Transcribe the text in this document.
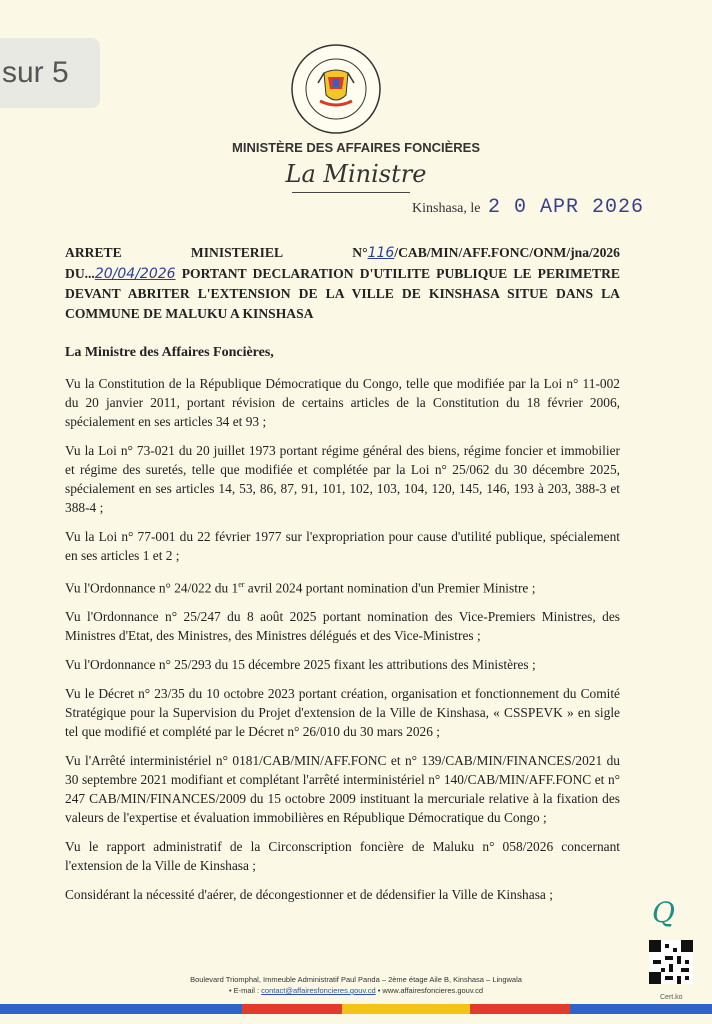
sur 5
MINISTÈRE DES AFFAIRES FONCIÈRES
La Ministre
Kinshasa, le 2 0 APR 2026
ARRETE	MINISTERIEL	N°116/CAB/MIN/AFF.FONC/ONM/jna/2026
DU...20/04/2026 PORTANT DECLARATION D'UTILITE PUBLIQUE LE PERIMETRE DEVANT ABRITER L'EXTENSION DE LA VILLE DE KINSHASA SITUE DANS LA COMMUNE DE MALUKU A KINSHASA

La Ministre des Affaires Foncières,

Vu la Constitution de la République Démocratique du Congo, telle que modifiée par la Loi n° 11-002 du 20 janvier 2011, portant révision de certains articles de la Constitution du 18 février 2006, spécialement en ses articles 34 et 93 ;

Vu la Loi n° 73-021 du 20 juillet 1973 portant régime général des biens, régime foncier et immobilier et régime des suretés, telle que modifiée et complétée par la Loi n° 25/062 du 30 décembre 2025, spécialement en ses articles 14, 53, 86, 87, 91, 101, 102, 103, 104, 120, 145, 146, 193 à 203, 388-3 et 388-4 ;

Vu la Loi n° 77-001 du 22 février 1977 sur l'expropriation pour cause d'utilité publique, spécialement en ses articles 1 et 2 ;

Vu l'Ordonnance n° 24/022 du 1er avril 2024 portant nomination d'un Premier Ministre ;

Vu l'Ordonnance n° 25/247 du 8 août 2025 portant nomination des Vice-Premiers Ministres, des Ministres d'Etat, des Ministres, des Ministres délégués et des Vice-Ministres ;

Vu l'Ordonnance n° 25/293 du 15 décembre 2025 fixant les attributions des Ministères ;

Vu le Décret n° 23/35 du 10 octobre 2023 portant création, organisation et fonctionnement du Comité Stratégique pour la Supervision du Projet d'extension de la Ville de Kinshasa, « CSSPEVK » en sigle tel que modifié et complété par le Décret n° 26/010 du 30 mars 2026 ;

Vu l'Arrêté interministériel n° 0181/CAB/MIN/AFF.FONC et n° 139/CAB/MIN/FINANCES/2021 du 30 septembre 2021 modifiant et complétant l'arrêté interministériel n° 140/CAB/MIN/AFF.FONC et n° 247 CAB/MIN/FINANCES/2009 du 15 octobre 2009 instituant la mercuriale relative à la fixation des valeurs de l'expertise et évaluation immobilières en République Démocratique du Congo ;

Vu le rapport administratif de la Circonscription foncière de Maluku n° 058/2026 concernant l'extension de la Ville de Kinshasa ;

Considérant la nécessité d'aérer, de décongestionner et de dédensifier la Ville de Kinshasa ;

Q
Cert.ko
Boulevard Triomphal, Immeuble Administratif Paul Panda – 2ème étage Aile B, Kinshasa – Lingwala
• E-mail : contact@affairesfoncieres.gouv.cd • www.affairesfoncieres.gouv.cd
